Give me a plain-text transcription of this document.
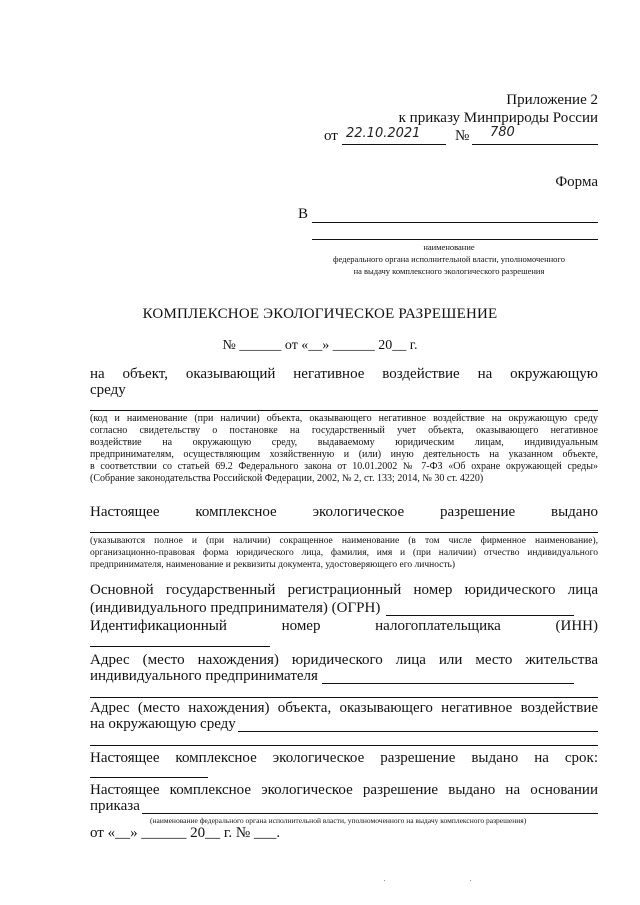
Приложение 2
к приказу Минприроды России
от 22.10.2021 № 780
Форма
В
наименование
федерального органа исполнительной власти, уполномоченного
на выдачу комплексного экологического разрешения
КОМПЛЕКСНОЕ ЭКОЛОГИЧЕСКОЕ РАЗРЕШЕНИЕ
№ ______ от «__» ______ 20__ г.
на объект, оказывающий негативное воздействие на окружающую
среду
(код и наименование (при наличии) объекта, оказывающего негативное воздействие на окружающую среду
согласно свидетельству о постановке на государственный учет объекта, оказывающего негативное
воздействие на окружающую среду, выдаваемому юридическим лицам, индивидуальным
предпринимателям, осуществляющим хозяйственную и (или) иную деятельность на указанном объекте,
в соответствии со статьей 69.2 Федерального закона от 10.01.2002 № 7-ФЗ «Об охране окружающей среды»
(Собрание законодательства Российской Федерации, 2002, № 2, ст. 133; 2014, № 30 ст. 4220)
Настоящее комплексное экологическое разрешение выдано
(указываются полное и (при наличии) сокращенное наименование (в том числе фирменное наименование),
организационно-правовая форма юридического лица, фамилия, имя и (при наличии) отчество индивидуального
предпринимателя, наименование и реквизиты документа, удостоверяющего его личность)
Основной государственный регистрационный номер юридического лица
(индивидуального предпринимателя) (ОГРН)
Идентификационный номер налогоплательщика (ИНН)
Адрес (место нахождения) юридического лица или место жительства
индивидуального предпринимателя
Адрес (место нахождения) объекта, оказывающего негативное воздействие
на окружающую среду
Настоящее комплексное экологическое разрешение выдано на срок:
Настоящее комплексное экологическое разрешение выдано на основании
приказа
(наименование федерального органа исполнительной власти, уполномоченного на выдачу комплексного разрешения)
от «__» ______ 20__ г. № ___.
